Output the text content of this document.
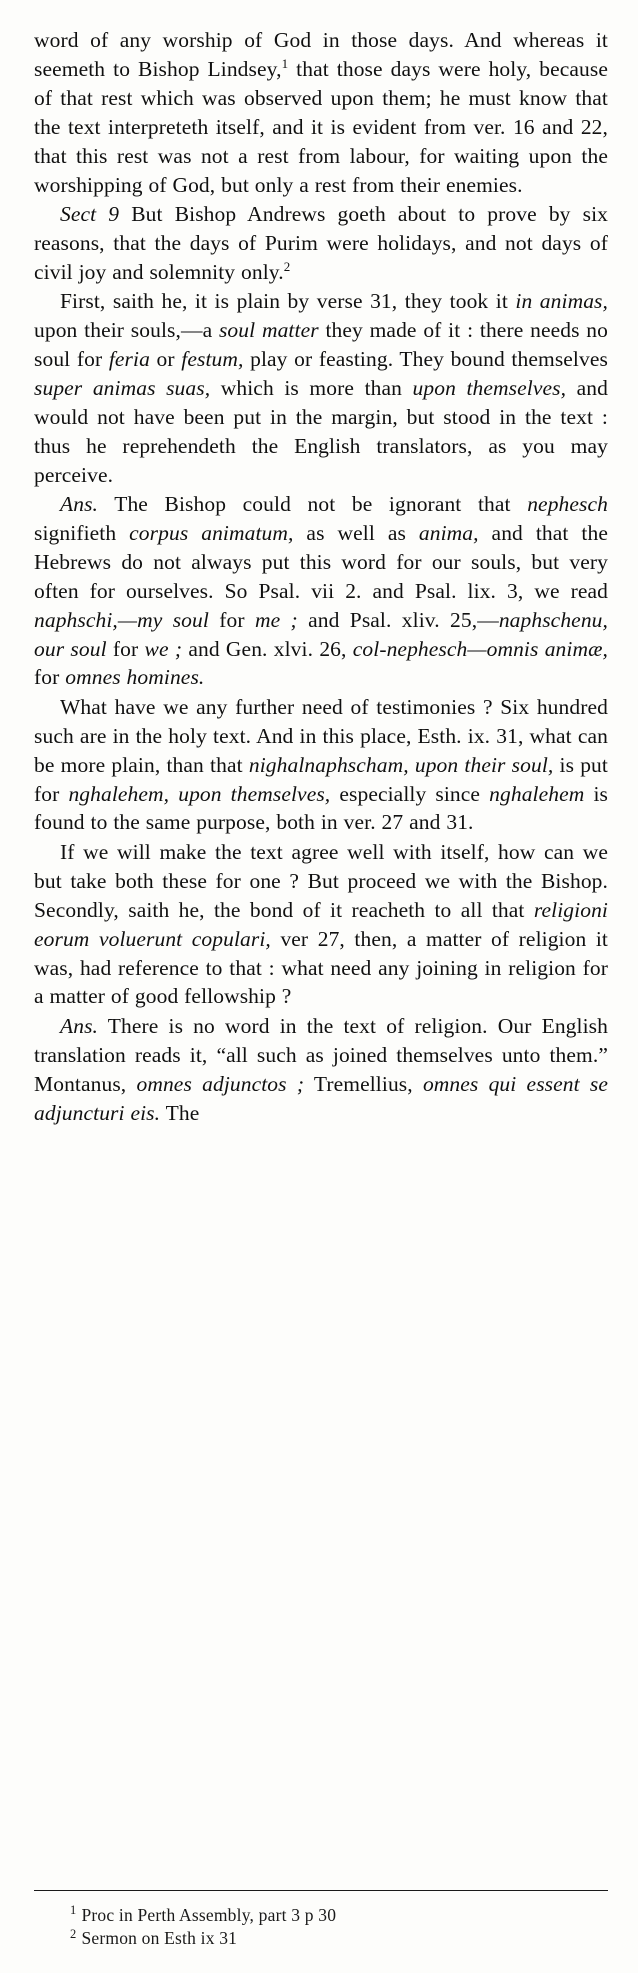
word of any worship of God in those days. And whereas it seemeth to Bishop Lindsey,$^1$ that those days were holy, because of that rest which was observed upon them; he must know that the text interpreteth itself, and it is evident from ver. 16 and 22, that this rest was not a rest from labour, for waiting upon the worshipping of God, but only a rest from their enemies.

Sect 9 But Bishop Andrews goeth about to prove by six reasons, that the days of Purim were holidays, and not days of civil joy and solemnity only.$^2$

First, saith he, it is plain by verse 31, they took it in animas, upon their souls,—a soul matter they made of it : there needs no soul for feria or festum, play or feasting. They bound themselves super animas suas, which is more than upon themselves, and would not have been put in the margin, but stood in the text : thus he reprehendeth the English translators, as you may perceive.

Ans. The Bishop could not be ignorant that nephesch signifieth corpus animatum, as well as anima, and that the Hebrews do not always put this word for our souls, but very often for ourselves. So Psal. vii 2. and Psal. lix. 3, we read naphschi,—my soul for me ; and Psal. xliv. 25,—naphschenu, our soul for we ; and Gen. xlvi. 26, col-nephesch—omnis animæ, for omnes homines.

What have we any further need of testimonies ? Six hundred such are in the holy text. And in this place, Esth. ix. 31, what can be more plain, than that nighalnaphscham, upon their soul, is put for nghalehem, upon themselves, especially since nghalehem is found to the same purpose, both in ver. 27 and 31.

If we will make the text agree well with itself, how can we but take both these for one ? But proceed we with the Bishop. Secondly, saith he, the bond of it reacheth to all that religioni eorum voluerunt copulari, ver 27, then, a matter of religion it was, had reference to that : what need any joining in religion for a matter of good fellowship ?

Ans. There is no word in the text of religion. Our English translation reads it, “all such as joined themselves unto them.” Montanus, omnes adjunctos ; Tremellius, omnes qui essent se adjuncturi eis. The

$^1$ Proc in Perth Assembly, part 3 p 30
$^2$ Sermon on Esth ix 31
